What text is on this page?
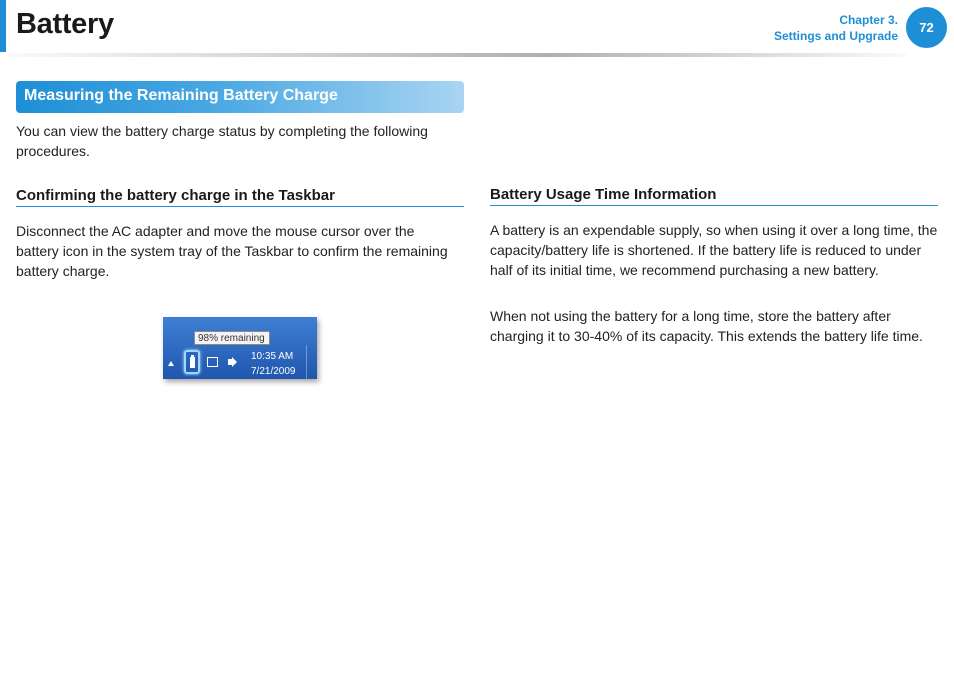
Battery	Chapter 3.
Settings and Upgrade
72
Measuring the Remaining Battery Charge

You can view the battery charge status by completing the following procedures.

Confirming the battery charge in the Taskbar

Disconnect the AC adapter and move the mouse cursor over the battery icon in the system tray of the Taskbar to confirm the remaining battery charge.

98% remaining
10:35 AM
7/21/2009
Battery Usage Time Information

A battery is an expendable supply, so when using it over a long time, the capacity/battery life is shortened. If the battery life is reduced to under half of its initial time, we recommend purchasing a new battery.

When not using the battery for a long time, store the battery after charging it to 30-40% of its capacity. This extends the battery life time.
